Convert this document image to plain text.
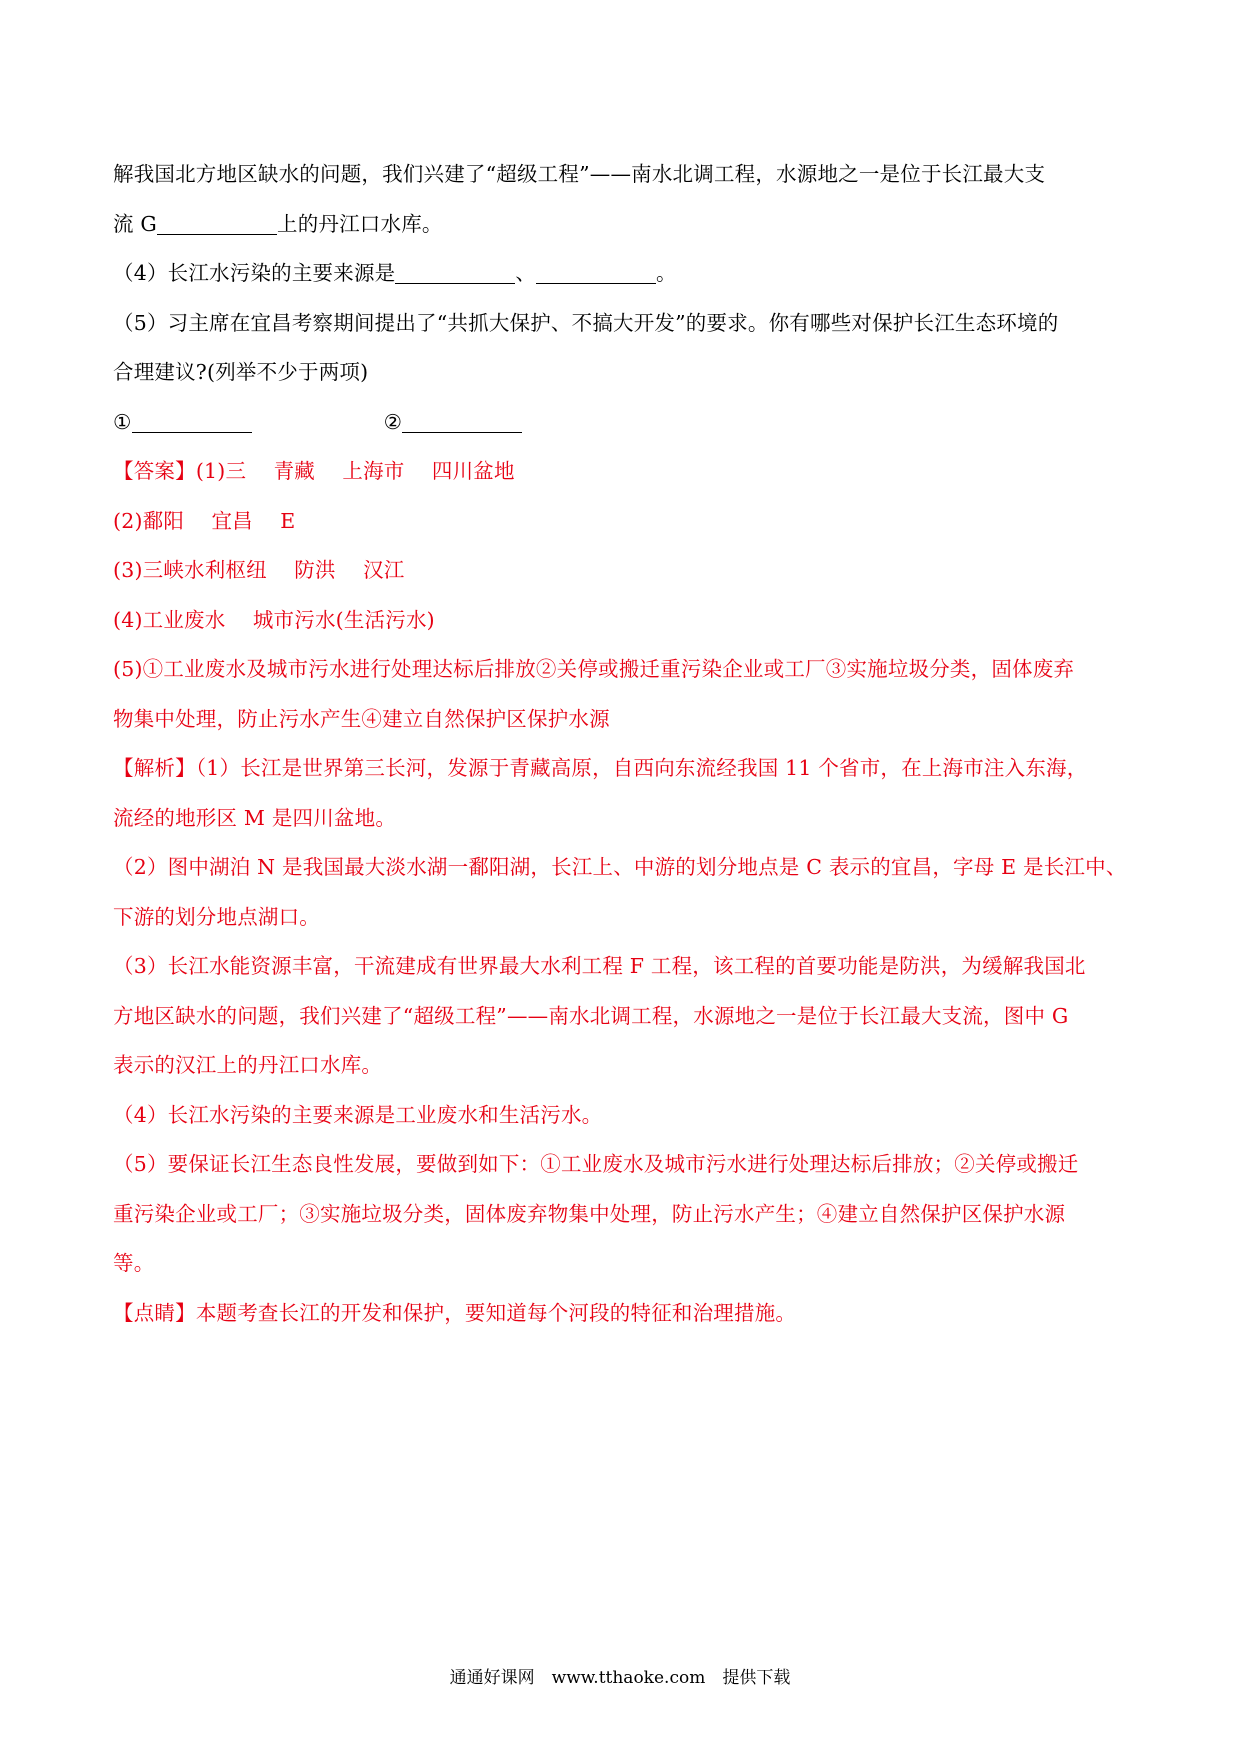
解我国北方地区缺水的问题，我们兴建了“超级工程”——南水北调工程，水源地之一是位于长江最大支
流 G	上的丹江口水库。
（4）长江水污染的主要来源是	、	。
（5）习主席在宜昌考察期间提出了“共抓大保护、不搞大开发”的要求。你有哪些对保护长江生态环境的
合理建议?(列举不少于两项)
①	②
【答案】(1)三　 青藏　 上海市　 四川盆地
(2)鄱阳　 宜昌　 E
(3)三峡水利枢纽　 防洪　 汉江
(4)工业废水　 城市污水(生活污水)
(5)①工业废水及城市污水进行处理达标后排放②关停或搬迁重污染企业或工厂③实施垃圾分类，固体废弃
物集中处理，防止污水产生④建立自然保护区保护水源
【解析】（1）长江是世界第三长河，发源于青藏高原，自西向东流经我国 11 个省市，在上海市注入东海，
流经的地形区 M 是四川盆地。
（2）图中湖泊 N 是我国最大淡水湖一鄱阳湖，长江上、中游的划分地点是 C 表示的宜昌，字母 E 是长江中、
下游的划分地点湖口。
（3）长江水能资源丰富，干流建成有世界最大水利工程 F 工程，该工程的首要功能是防洪，为缓解我国北
方地区缺水的问题，我们兴建了“超级工程”——南水北调工程，水源地之一是位于长江最大支流，图中 G
表示的汉江上的丹江口水库。
（4）长江水污染的主要来源是工业废水和生活污水。
（5）要保证长江生态良性发展，要做到如下：①工业废水及城市污水进行处理达标后排放；②关停或搬迁
重污染企业或工厂；③实施垃圾分类，固体废弃物集中处理，防止污水产生；④建立自然保护区保护水源
等。
【点睛】本题考查长江的开发和保护，要知道每个河段的特征和治理措施。
通通好课网　www.tthaoke.com　提供下载
